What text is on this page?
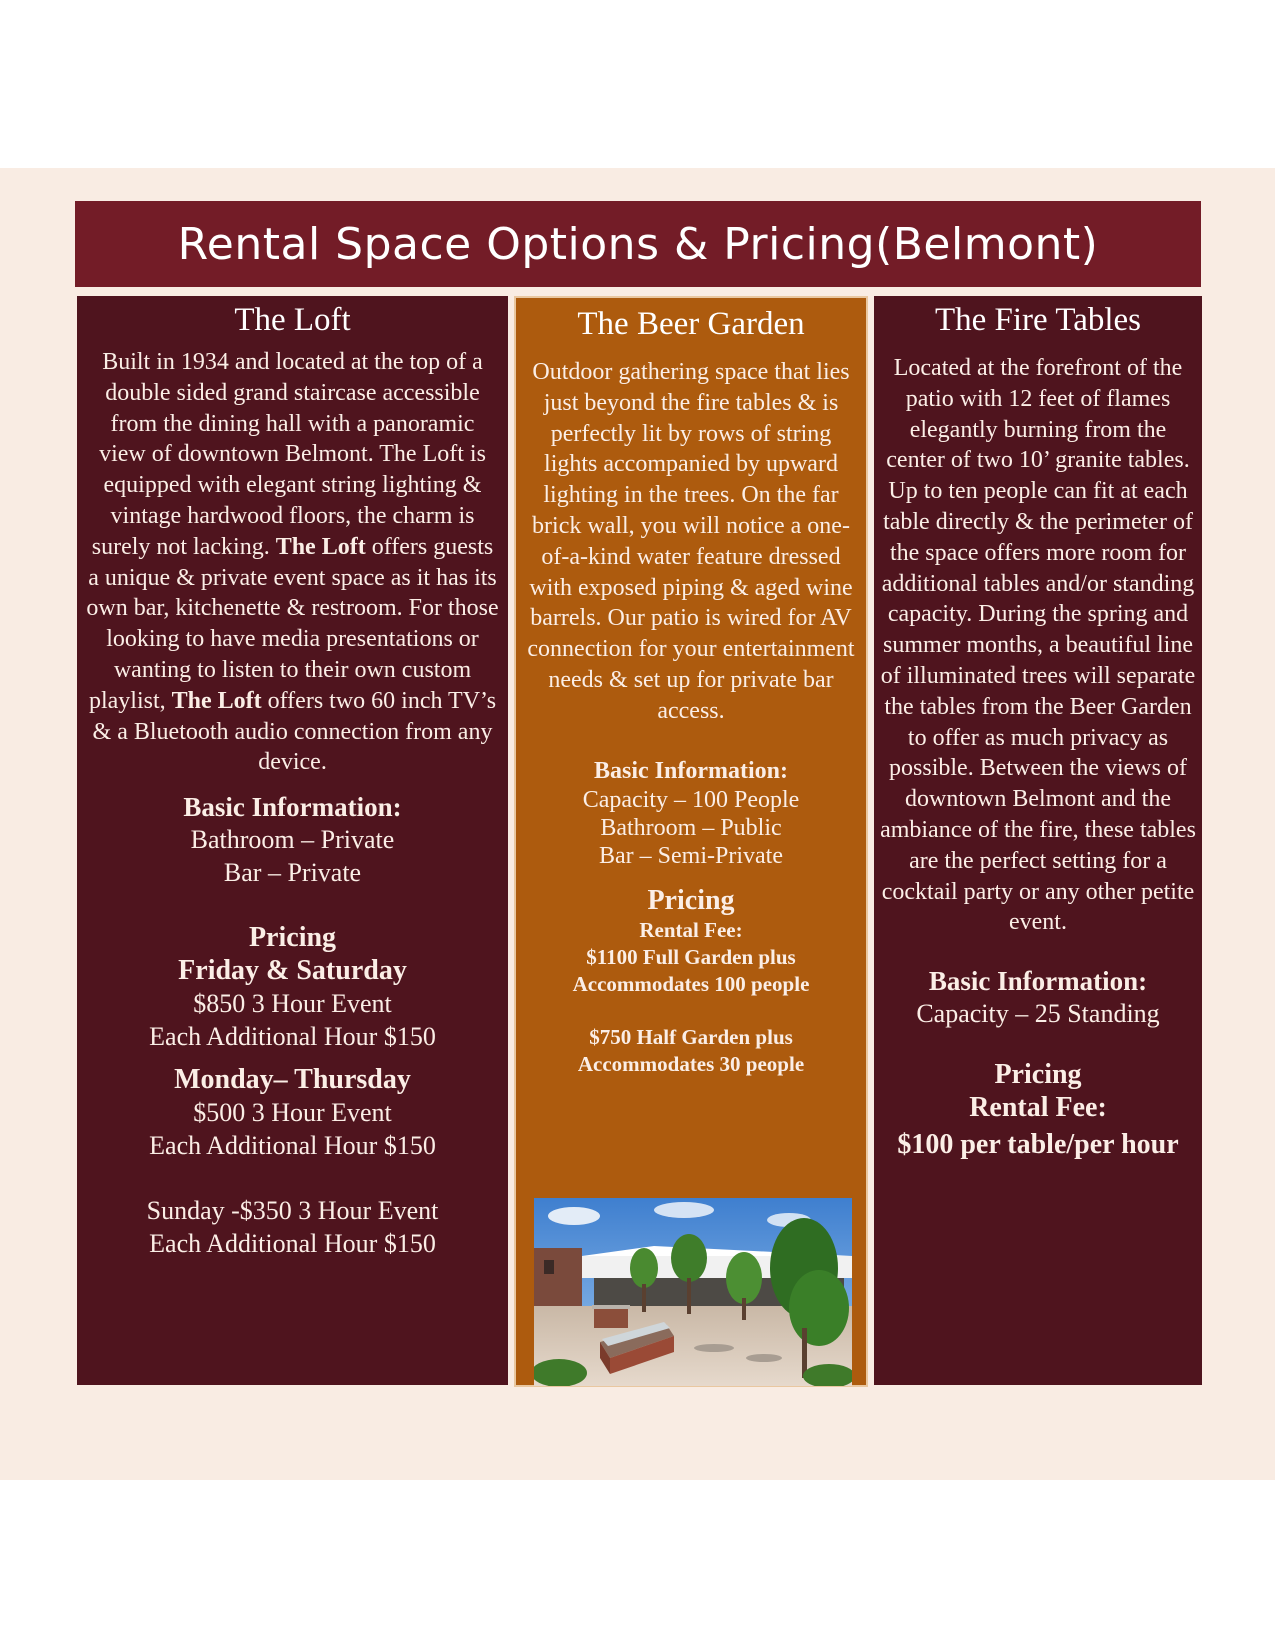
Rental Space Options & Pricing(Belmont)
The Loft

Built in 1934 and located at the top of a double sided grand staircase accessible from the dining hall with a panoramic view of downtown Belmont. The Loft is equipped with elegant string lighting & vintage hardwood floors, the charm is surely not lacking. The Loft offers guests a unique & private event space as it has its own bar, kitchenette & restroom. For those looking to have media presentations or wanting to listen to their own custom playlist, The Loft offers two 60 inch TV’s & a Bluetooth audio connection from any device.

Basic Information:

Bathroom – Private

Bar – Private

Pricing

Friday & Saturday

$850 3 Hour Event

Each Additional Hour $150

Monday– Thursday

$500 3 Hour Event

Each Additional Hour $150

Sunday -$350 3 Hour Event

Each Additional Hour $150

The Beer Garden

Outdoor gathering space that lies just beyond the fire tables & is perfectly lit by rows of string lights accompanied by upward lighting in the trees. On the far brick wall, you will notice a one-of-a-kind water feature dressed with exposed piping & aged wine barrels. Our patio is wired for AV connection for your entertainment needs & set up for private bar access.

Basic Information:

Capacity – 100 People

Bathroom – Public

Bar – Semi-Private

Pricing

Rental Fee:

$1100 Full Garden plus

Accommodates 100 people

$750 Half Garden plus

Accommodates 30 people

The Fire Tables

Located at the forefront of the patio with 12 feet of flames elegantly burning from the center of two 10’ granite tables. Up to ten people can fit at each table directly & the perimeter of the space offers more room for additional tables and/or standing capacity. During the spring and summer months, a beautiful line of illuminated trees will separate the tables from the Beer Garden to offer as much privacy as possible. Between the views of downtown Belmont and the ambiance of the fire, these tables are the perfect setting for a cocktail party or any other petite event.

Basic Information:

Capacity – 25 Standing

Pricing

Rental Fee:

$100 per table/per hour
